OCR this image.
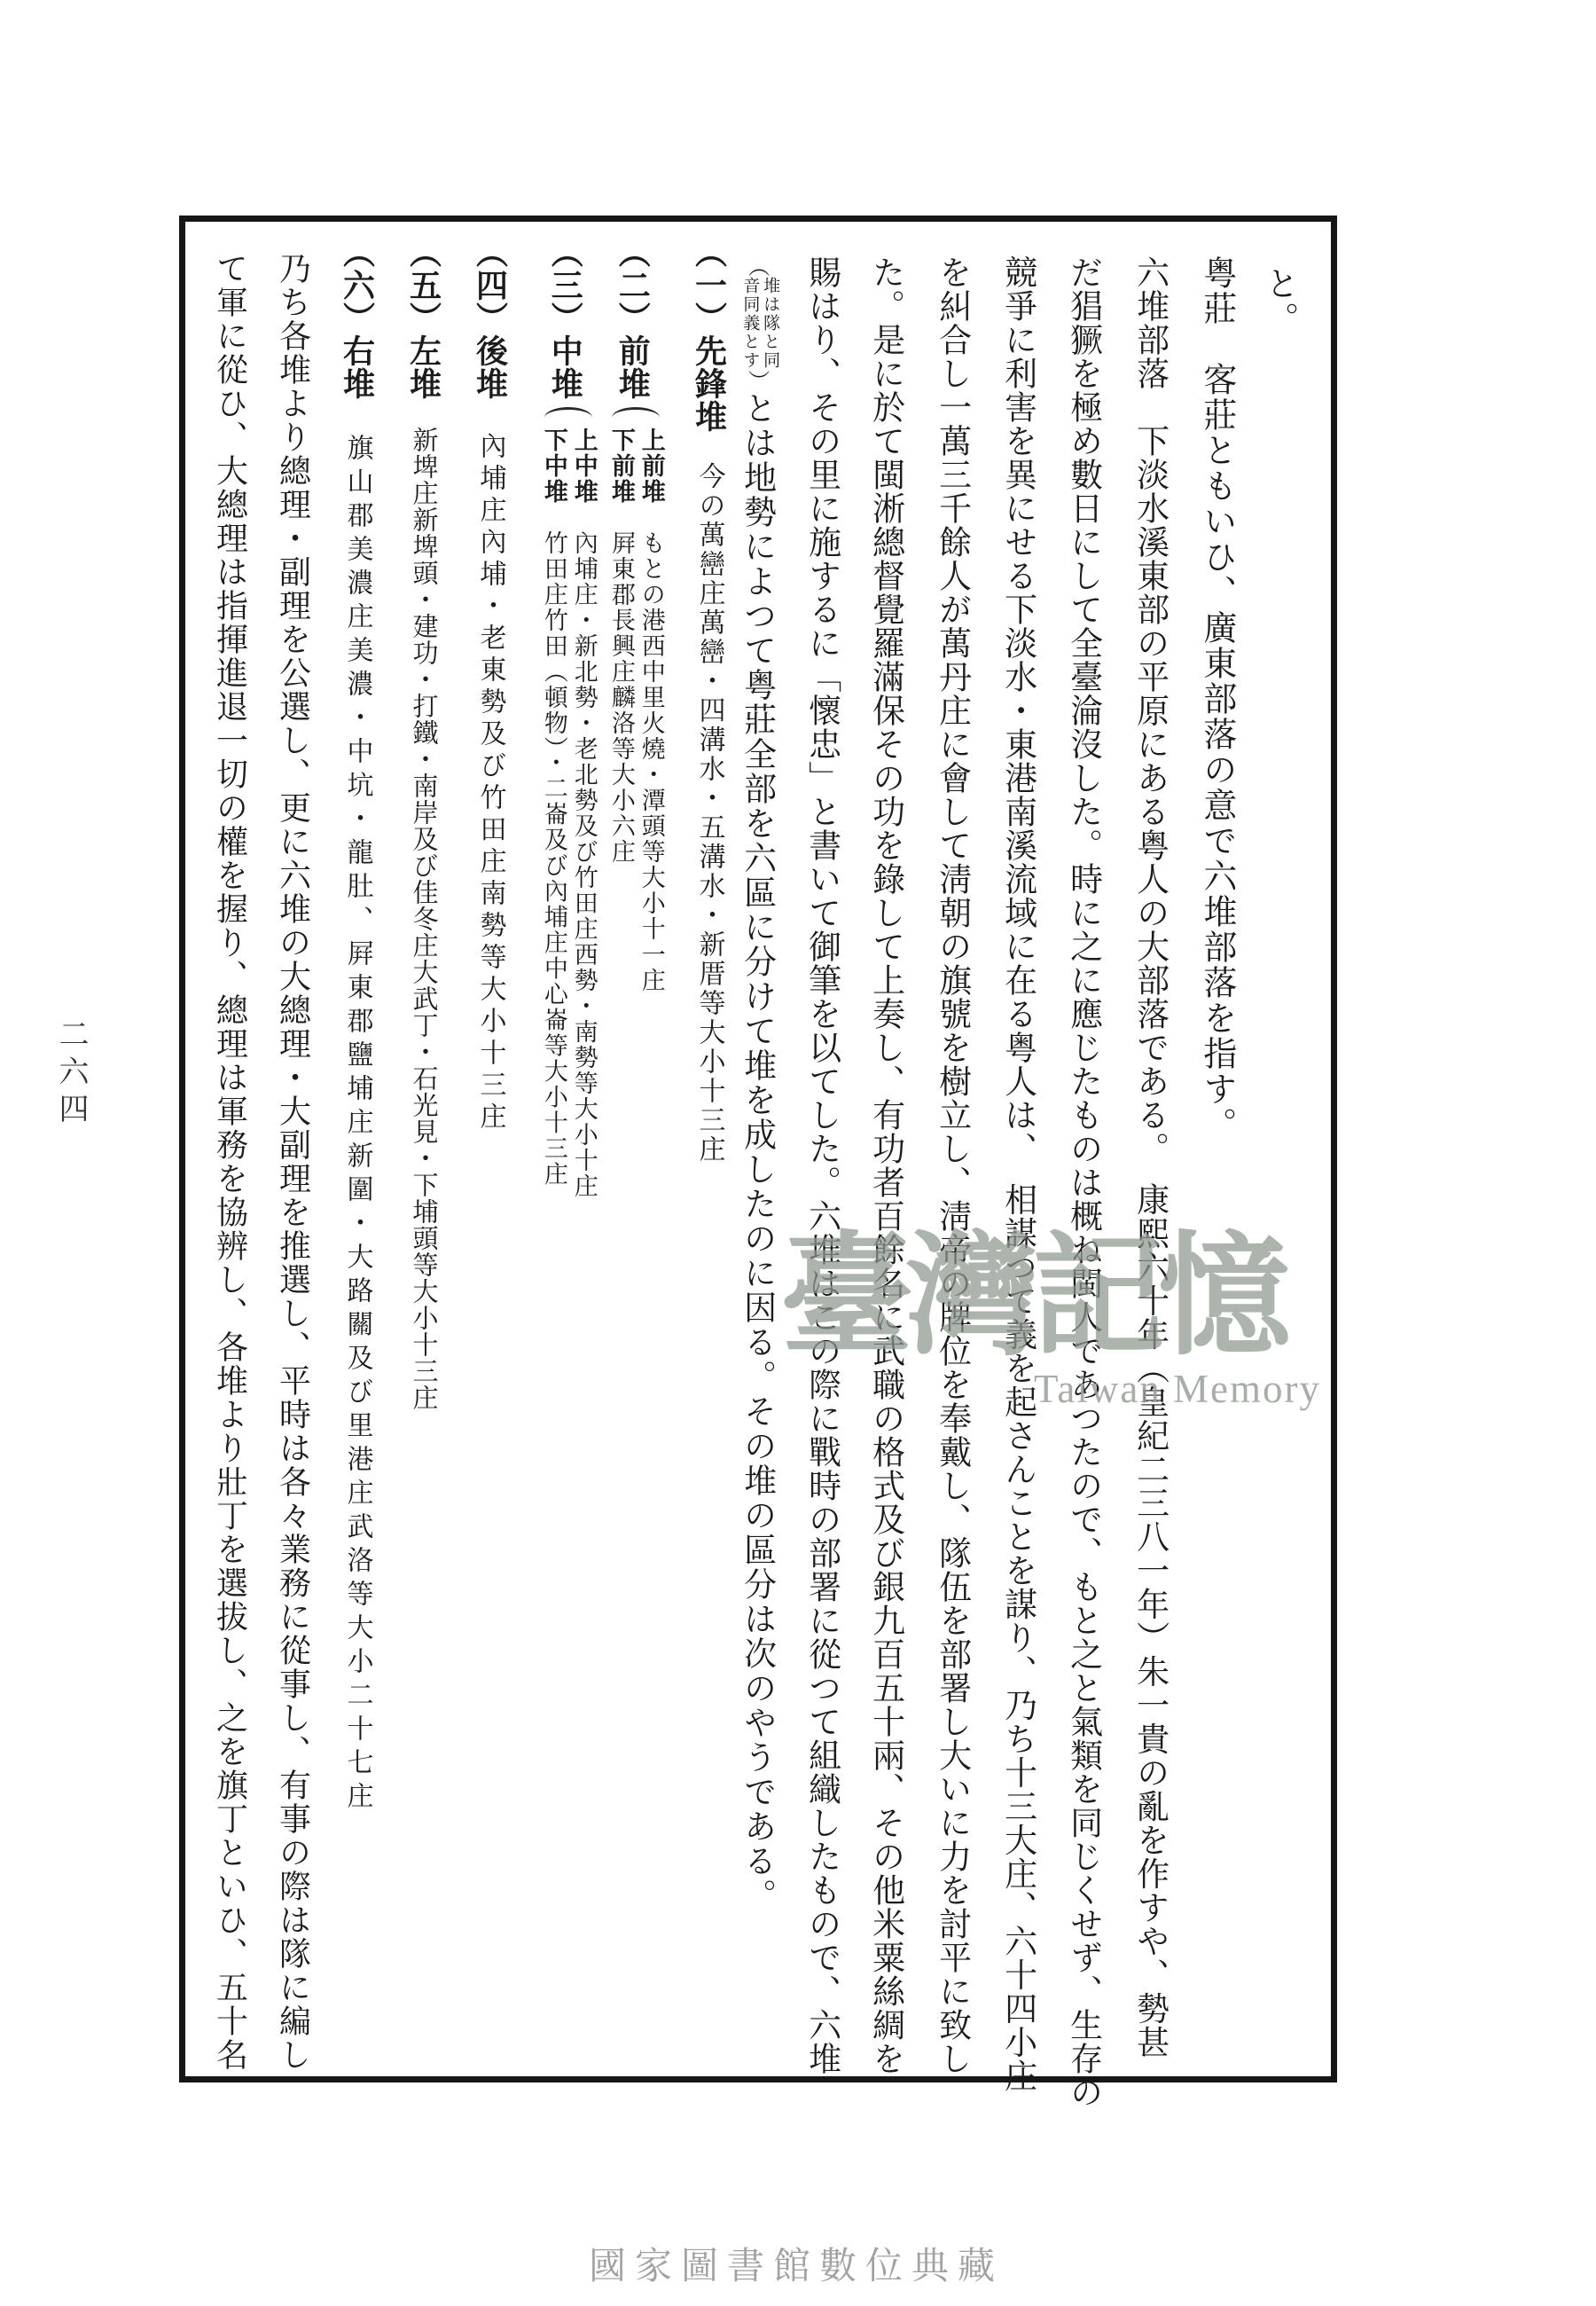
と。
粤莊　客莊ともいひ、廣東部落の意で六堆部落を指す。
六堆部落　下淡水溪東部の平原にある粤人の大部落である。　康熙六十年（皇紀二三八一年）朱一貴の亂を作すや、勢甚
だ猖獗を極め數日にして全臺淪沒した。時に之に應じたものは概ね閩人であつたので、もと之と氣類を同じくせず、生存の
競爭に利害を異にせる下淡水・東港南溪流域に在る粤人は、　相謀つて義を起さんことを謀り、乃ち十三大庄、六十四小庄
を糾合し一萬三千餘人が萬丹庄に會して淸朝の旗號を樹立し、淸帝の牌位を奉戴し、隊伍を部署し大いに力を討平に致し
た。是に於て閩淅總督覺羅滿保その功を錄して上奏し、有功者百餘名に武職の格式及び銀九百五十兩、その他米粟絲綢を
賜はり、その里に施するに「懷忠」と書いて御筆を以てした。六堆はこの際に戰時の部署に從つて組織したもので、六堆
（
堆は隊と同
音同義とす
）とは地勢によつて粤莊全部を六區に分けて堆を成したのに因る。その堆の區分は次のやうである。
（一）先鋒堆　今の萬巒庄萬巒・四溝水・五溝水・新厝等大小十三庄
（二）前堆
上前堆　もとの港西中里火燒・潭頭等大小十一庄
下前堆　屛東郡長興庄麟洛等大小六庄
（三）中堆
上中堆　內埔庄・新北勢・老北勢及び竹田庄西勢・南勢等大小十庄
下中堆　竹田庄竹田（頓物）・二崙及び內埔庄中心崙等大小十三庄
（四）後堆　內埔庄內埔・老東勢及び竹田庄南勢等大小十三庄
（五）左堆　新埤庄新埤頭・建功・打鐵・南岸及び佳冬庄大武丁・石光見・下埔頭等大小十三庄
（六）右堆　旗山郡美濃庄美濃・中坑・龍肚、屛東郡鹽埔庄新圍・大路關及び里港庄武洛等大小二十七庄
乃ち各堆より總理・副理を公選し、更に六堆の大總理・大副理を推選し、平時は各々業務に從事し、有事の際は隊に編し
て軍に從ひ、大總理は指揮進退一切の權を握り、總理は軍務を協辨し、各堆より壯丁を選拔し、之を旗丁といひ、五十名	臺灣記憶
Taiwan Memory
國家圖書館數位典藏
二六四
